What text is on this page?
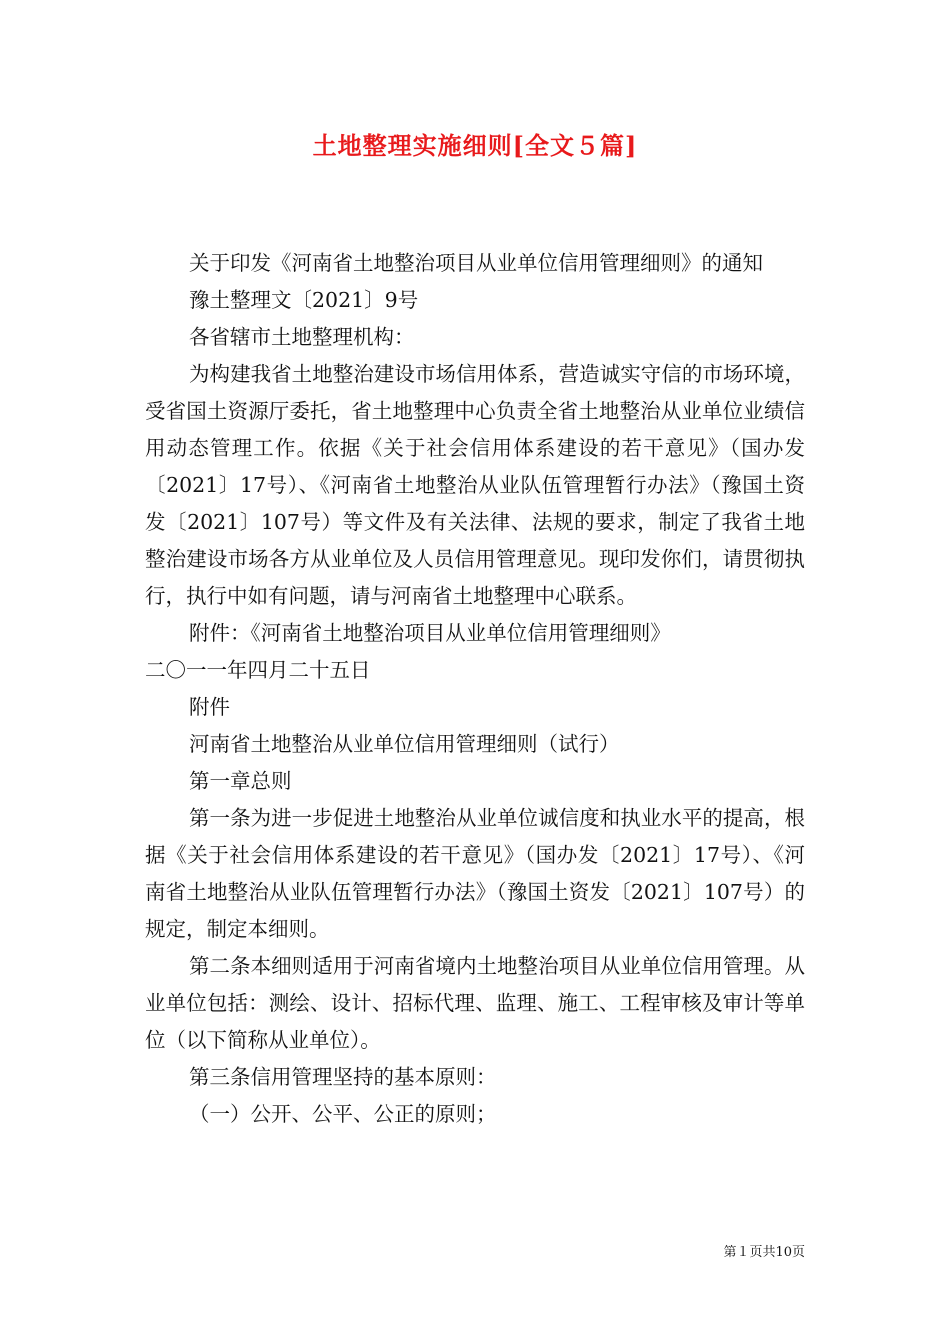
土地整理实施细则[全文５篇]

关于印发《河南省土地整治项目从业单位信用管理细则》的通知

豫土整理文〔2021〕9号

各省辖市土地整理机构：

为构建我省土地整治建设市场信用体系，营造诚实守信的市场环境，受省国土资源厅委托，省土地整理中心负责全省土地整治从业单位业绩信用动态管理工作。依据《关于社会信用体系建设的若干意见》（国办发〔2021〕17号）、《河南省土地整治从业队伍管理暂行办法》（豫国土资发〔2021〕107号）等文件及有关法律、法规的要求，制定了我省土地整治建设市场各方从业单位及人员信用管理意见。现印发你们，请贯彻执行，执行中如有问题，请与河南省土地整理中心联系。

附件：《河南省土地整治项目从业单位信用管理细则》

二〇一一年四月二十五日

附件

河南省土地整治从业单位信用管理细则（试行）

第一章总则

第一条为进一步促进土地整治从业单位诚信度和执业水平的提高，根据《关于社会信用体系建设的若干意见》（国办发〔2021〕17号）、《河南省土地整治从业队伍管理暂行办法》（豫国土资发〔2021〕107号）的规定，制定本细则。

第二条本细则适用于河南省境内土地整治项目从业单位信用管理。从业单位包括：测绘、设计、招标代理、监理、施工、工程审核及审计等单位（以下简称从业单位）。

第三条信用管理坚持的基本原则：

（一）公开、公平、公正的原则；

第１页共10页
